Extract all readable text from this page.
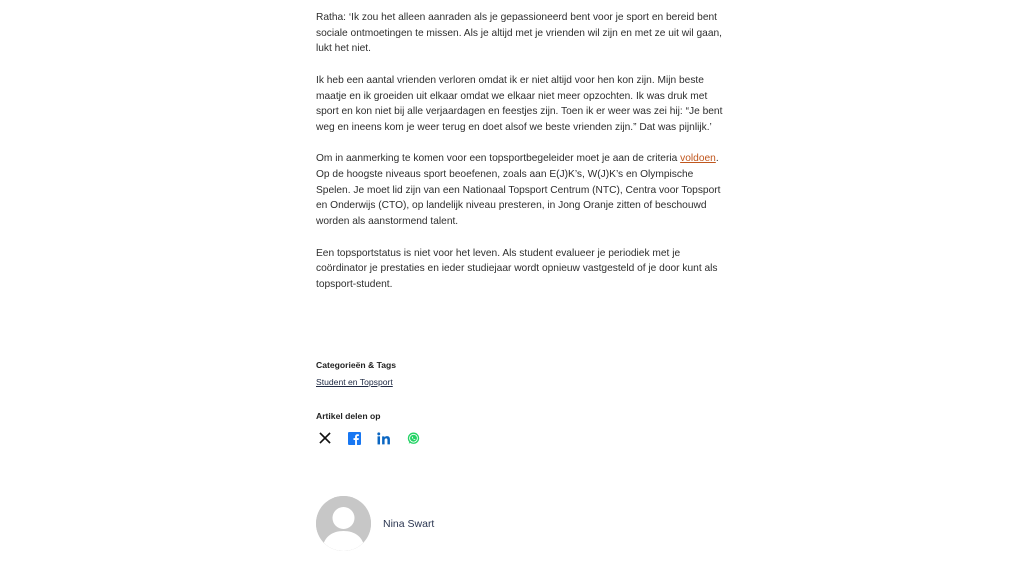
Ratha: ‘Ik zou het alleen aanraden als je gepassioneerd bent voor je sport en bereid bent sociale ontmoetingen te missen. Als je altijd met je vrienden wil zijn en met ze uit wil gaan, lukt het niet.

Ik heb een aantal vrienden verloren omdat ik er niet altijd voor hen kon zijn. Mijn beste maatje en ik groeiden uit elkaar omdat we elkaar niet meer opzochten. Ik was druk met sport en kon niet bij alle verjaardagen en feestjes zijn. Toen ik er weer was zei hij: “Je bent weg en ineens kom je weer terug en doet alsof we beste vrienden zijn.” Dat was pijnlijk.’

Om in aanmerking te komen voor een topsportbegeleider moet je aan de criteria voldoen. Op de hoogste niveaus sport beoefenen, zoals aan E(J)K’s, W(J)K’s en Olympische Spelen. Je moet lid zijn van een Nationaal Topsport Centrum (NTC), Centra voor Topsport en Onderwijs (CTO), op landelijk niveau presteren, in Jong Oranje zitten of beschouwd worden als aanstormend talent.

Een topsportstatus is niet voor het leven. Als student evalueer je periodiek met je coördinator je prestaties en ieder studiejaar wordt opnieuw vastgesteld of je door kunt als topsport-student.

Categorieën & Tags

Student en Topsport

Artikel delen op

Nina Swart
